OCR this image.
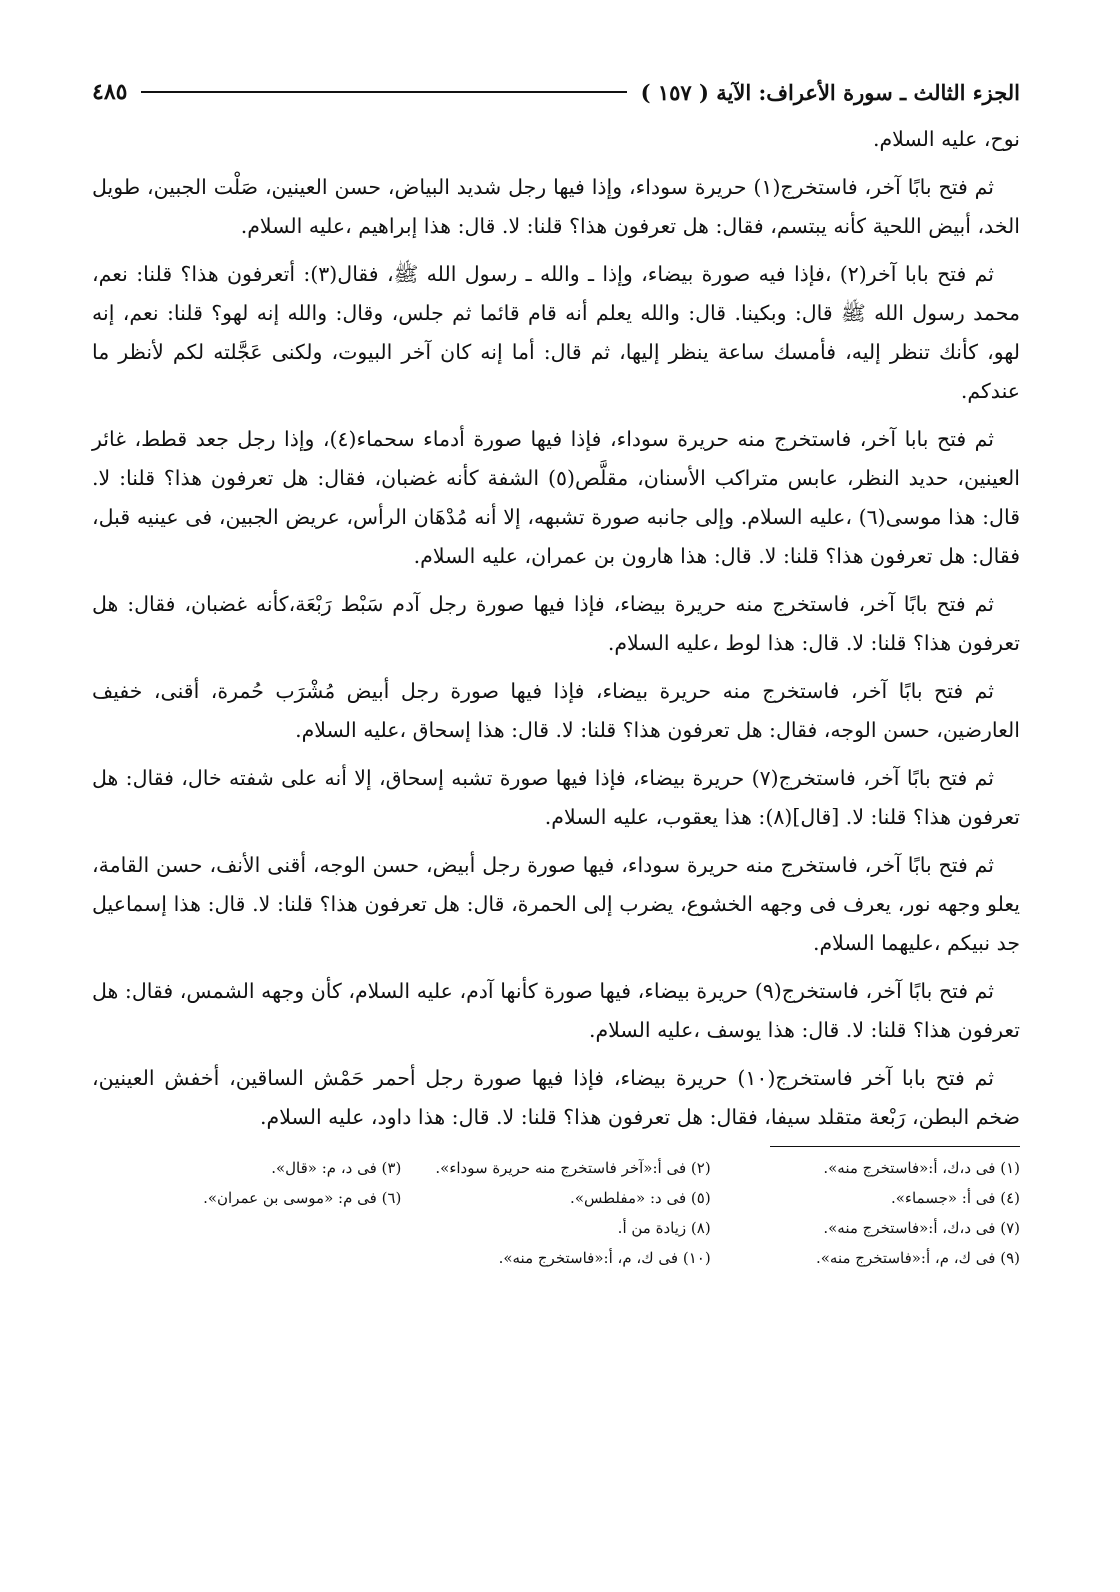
الجزء الثالث ـ سورة الأعراف: الآية ( ١٥٧ )
٤٨٥

نوح، عليه السلام.

ثم فتح بابًا آخر، فاستخرج(١) حريرة سوداء، وإذا فيها رجل شديد البياض، حسن العينين، صَلْت الجبين، طويل الخد، أبيض اللحية كأنه يبتسم، فقال: هل تعرفون هذا؟ قلنا: لا. قال: هذا إبراهيم ،عليه السلام.

ثم فتح بابا آخر(٢) ،فإذا فيه صورة بيضاء، وإذا ـ والله ـ رسول الله ﷺ، فقال(٣): أتعرفون هذا؟ قلنا: نعم، محمد رسول الله ﷺ قال: وبكينا. قال: والله يعلم أنه قام قائما ثم جلس، وقال: والله إنه لهو؟ قلنا: نعم، إنه لهو، كأنك تنظر إليه، فأمسك ساعة ينظر إليها، ثم قال: أما إنه كان آخر البيوت، ولكنى عَجَّلته لكم لأنظر ما عندكم.

ثم فتح بابا آخر، فاستخرج منه حريرة سوداء، فإذا فيها صورة أدماء سحماء(٤)، وإذا رجل جعد قطط، غائر العينين، حديد النظر، عابس متراكب الأسنان، مقلَّص(٥) الشفة كأنه غضبان، فقال: هل تعرفون هذا؟ قلنا: لا. قال: هذا موسى(٦) ،عليه السلام. وإلى جانبه صورة تشبهه، إلا أنه مُدْهَان الرأس، عريض الجبين، فى عينيه قبل، فقال: هل تعرفون هذا؟ قلنا: لا. قال: هذا هارون بن عمران، عليه السلام.

ثم فتح بابًا آخر، فاستخرج منه حريرة بيضاء، فإذا فيها صورة رجل آدم سَبْط رَبْعَة،كأنه غضبان، فقال: هل تعرفون هذا؟ قلنا: لا. قال: هذا لوط ،عليه السلام.

ثم فتح بابًا آخر، فاستخرج منه حريرة بيضاء، فإذا فيها صورة رجل أبيض مُشْرَب حُمرة، أقنى، خفيف العارضين، حسن الوجه، فقال: هل تعرفون هذا؟ قلنا: لا. قال: هذا إسحاق ،عليه السلام.

ثم فتح بابًا آخر، فاستخرج(٧) حريرة بيضاء، فإذا فيها صورة تشبه إسحاق، إلا أنه على شفته خال، فقال: هل تعرفون هذا؟ قلنا: لا. [قال](٨): هذا يعقوب، عليه السلام.

ثم فتح بابًا آخر، فاستخرج منه حريرة سوداء، فيها صورة رجل أبيض، حسن الوجه، أقنى الأنف، حسن القامة، يعلو وجهه نور، يعرف فى وجهه الخشوع، يضرب إلى الحمرة، قال: هل تعرفون هذا؟ قلنا: لا. قال: هذا إسماعيل جد نبيكم ،عليهما السلام.

ثم فتح بابًا آخر، فاستخرج(٩) حريرة بيضاء، فيها صورة كأنها آدم، عليه السلام، كأن وجهه الشمس، فقال: هل تعرفون هذا؟ قلنا: لا. قال: هذا يوسف ،عليه السلام.

ثم فتح بابا آخر فاستخرج(١٠) حريرة بيضاء، فإذا فيها صورة رجل أحمر حَمْش الساقين، أخفش العينين، ضخم البطن، رَبْعة متقلد سيفا، فقال: هل تعرفون هذا؟ قلنا: لا. قال: هذا داود، عليه السلام.

(١) فى د،ك، أ:«فاستخرج منه».
(٢) فى أ:«آخر فاستخرج منه حريرة سوداء».
(٣) فى د، م: «قال».
(٤) فى أ: «جسماء».
(٥) فى د: «مفلطس».
(٦) فى م: «موسى بن عمران».
(٧) فى د،ك، أ:«فاستخرج منه».
(٨) زيادة من أ.
(٩) فى ك، م، أ:«فاستخرج منه».
(١٠) فى ك، م، أ:«فاستخرج منه».
